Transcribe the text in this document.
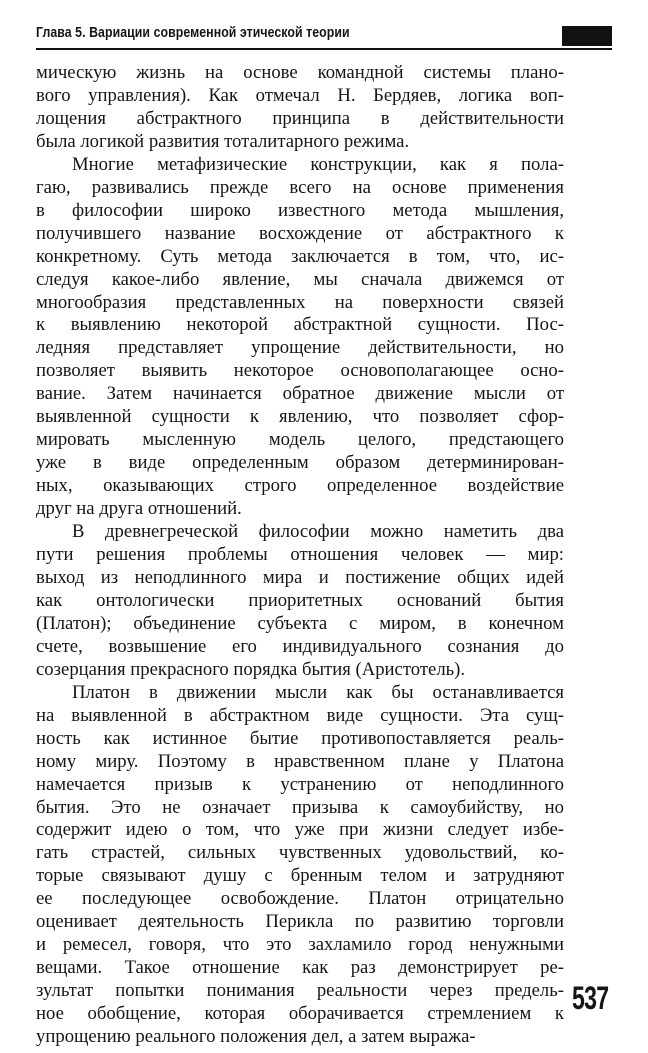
Глава 5. Вариации современной этической теории

мическую жизнь на основе командной системы плано-
вого управления). Как отмечал Н. Бердяев, логика воп-
лощения абстрактного принципа в действительности
была логикой развития тоталитарного режима.

Многие метафизические конструкции, как я пола-
гаю, развивались прежде всего на основе применения
в философии широко известного метода мышления,
получившего название восхождение от абстрактного к
конкретному. Суть метода заключается в том, что, ис-
следуя какое-либо явление, мы сначала движемся от
многообразия представленных на поверхности связей
к выявлению некоторой абстрактной сущности. Пос-
ледняя представляет упрощение действительности, но
позволяет выявить некоторое основополагающее осно-
вание. Затем начинается обратное движение мысли от
выявленной сущности к явлению, что позволяет сфор-
мировать мысленную модель целого, предстающего
уже в виде определенным образом детерминирован-
ных, оказывающих строго определенное воздействие
друг на друга отношений.

В древнегреческой философии можно наметить два
пути решения проблемы отношения человек — мир:
выход из неподлинного мира и постижение общих идей
как онтологически приоритетных оснований бытия
(Платон); объединение субъекта с миром, в конечном
счете, возвышение его индивидуального сознания до
созерцания прекрасного порядка бытия (Аристотель).

Платон в движении мысли как бы останавливается
на выявленной в абстрактном виде сущности. Эта сущ-
ность как истинное бытие противопоставляется реаль-
ному миру. Поэтому в нравственном плане у Платона
намечается призыв к устранению от неподлинного
бытия. Это не означает призыва к самоубийству, но
содержит идею о том, что уже при жизни следует избе-
гать страстей, сильных чувственных удовольствий, ко-
торые связывают душу с бренным телом и затрудняют
ее последующее освобождение. Платон отрицательно
оценивает деятельность Перикла по развитию торговли
и ремесел, говоря, что это захламило город ненужными
вещами. Такое отношение как раз демонстрирует ре-
зультат попытки понимания реальности через предель-
ное обобщение, которая оборачивается стремлением к
упрощению реального положения дел, а затем выража-

537
